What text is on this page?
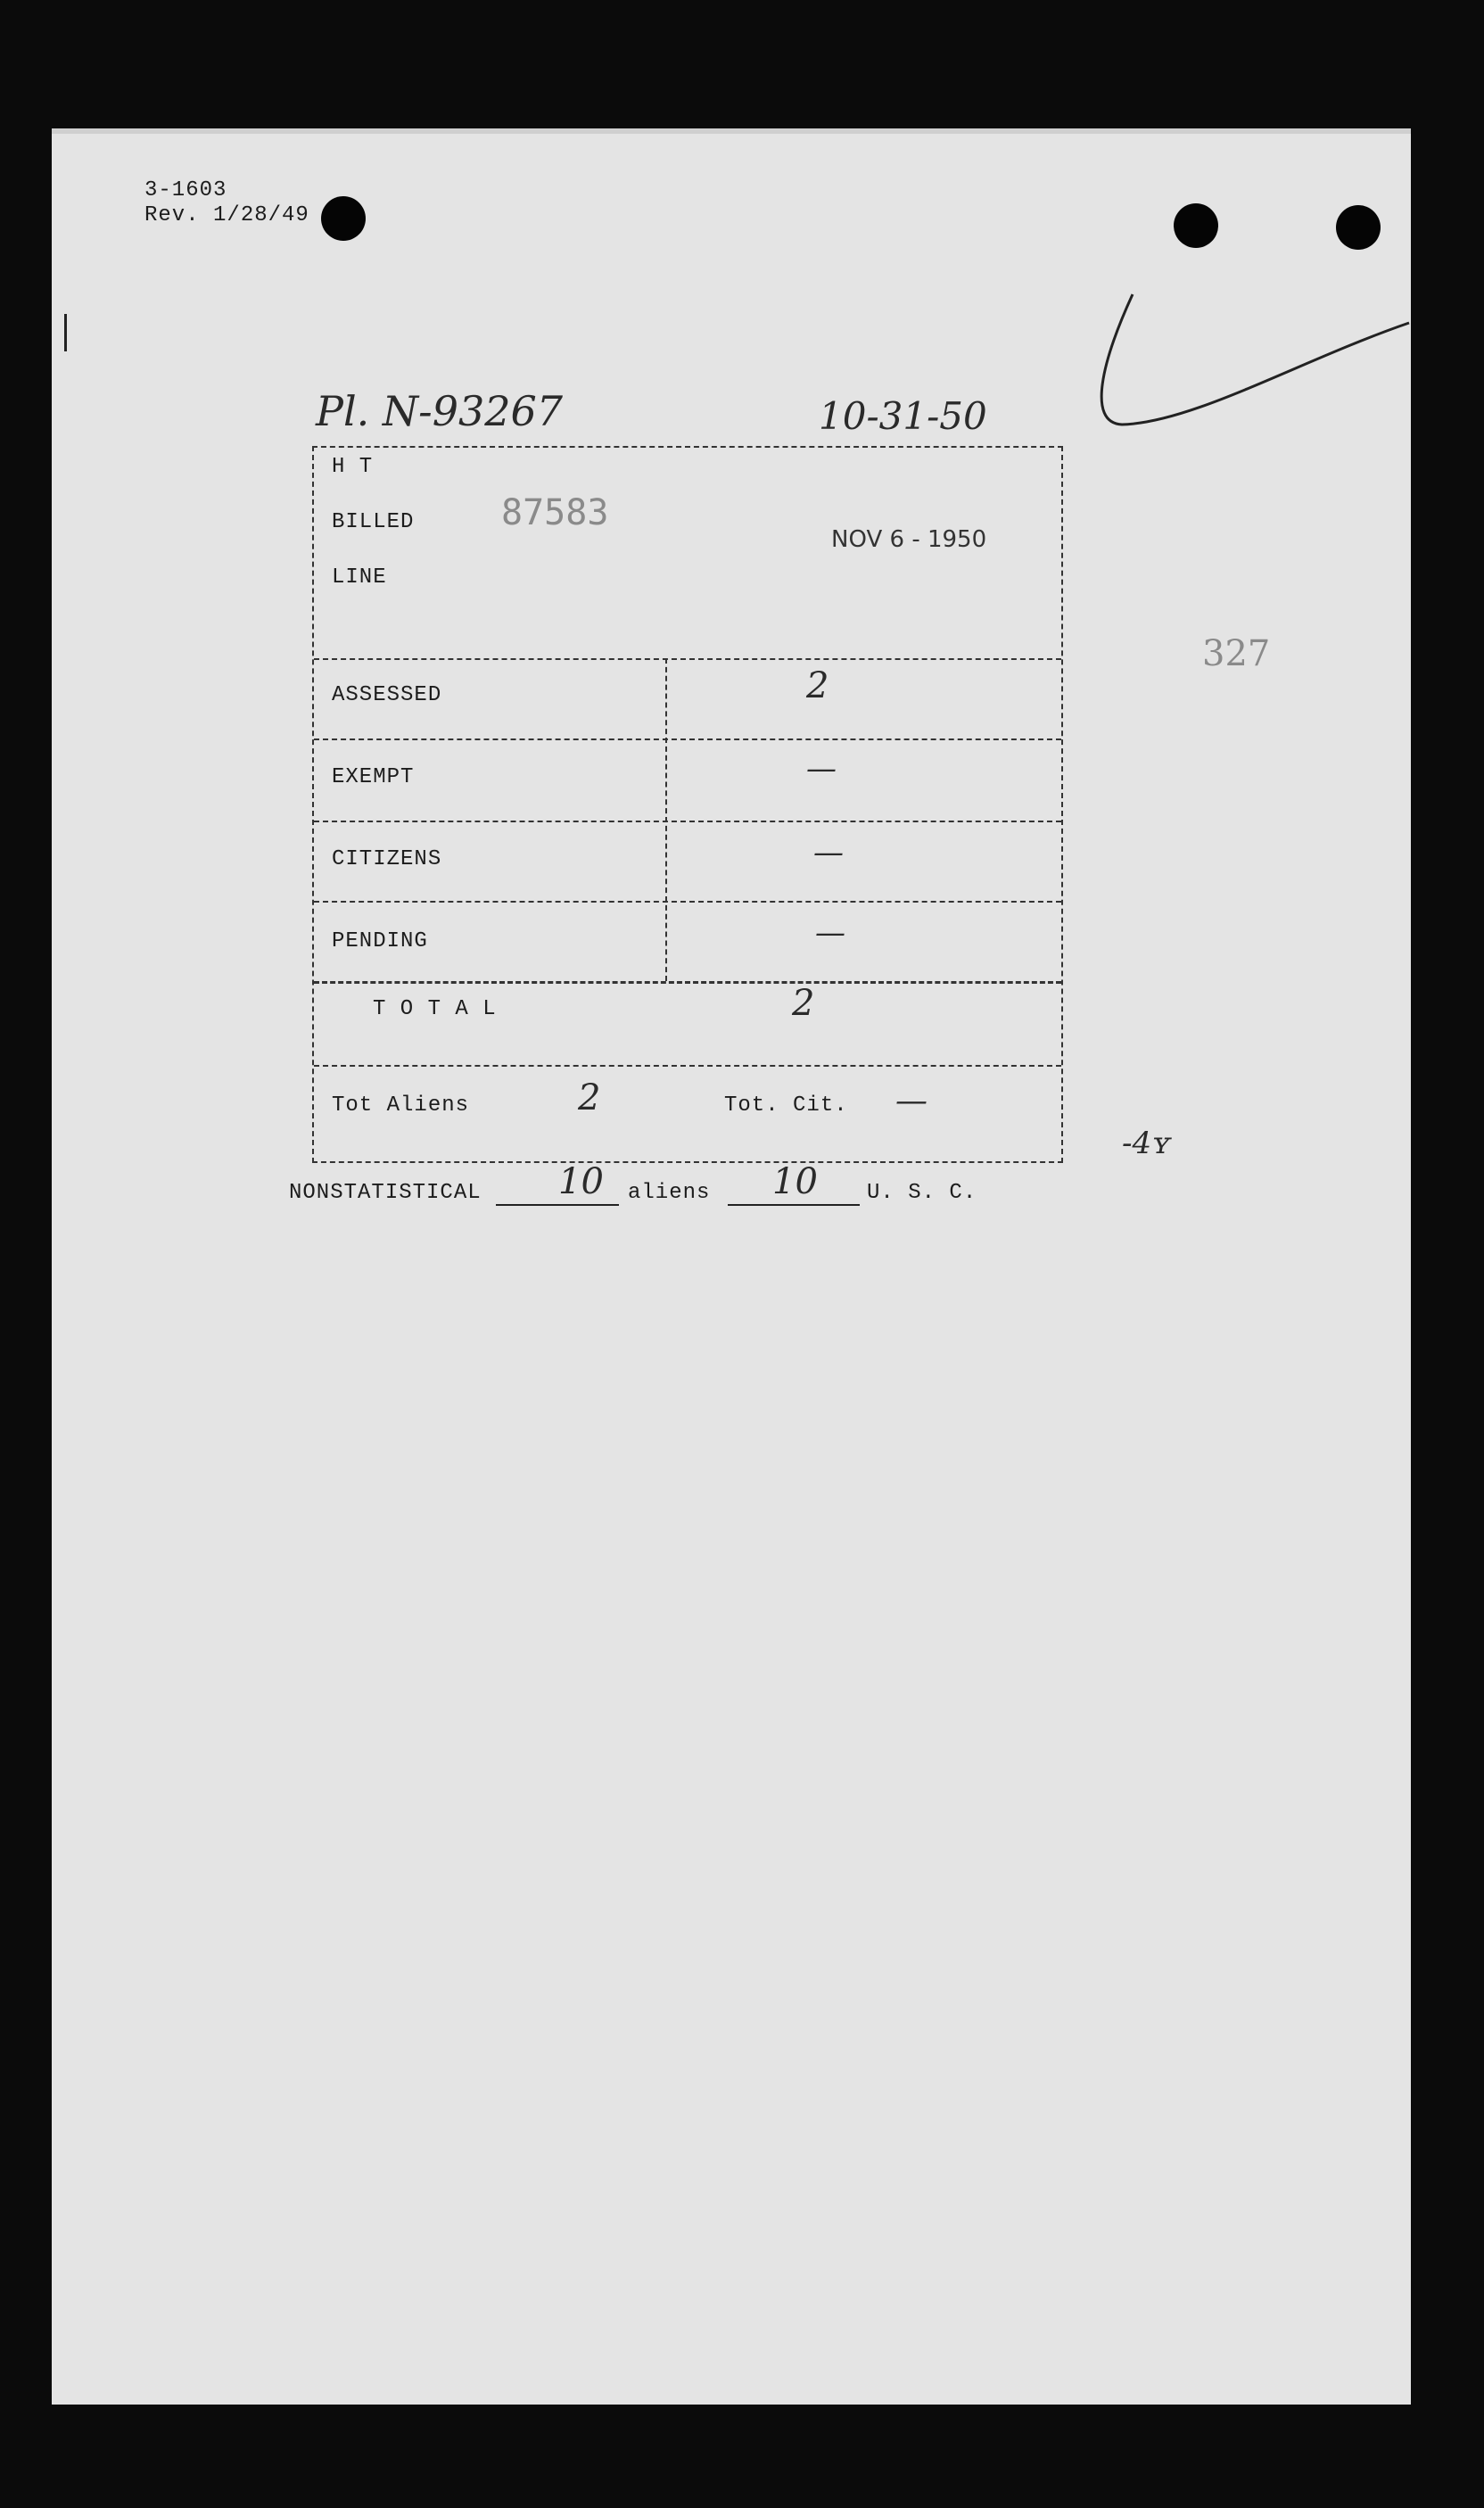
3-1603
Rev. 1/28/49
Pl. N-93267	10-31-50
H T
BILLED
LINE
87583
NOV 6 - 1950
ASSESSED	2
EXEMPT	—
CITIZENS	—
PENDING	—
T O T A L	2
Tot Aliens	2	Tot. Cit. —
327
-4ʏ
NONSTATISTICAL 10 aliens 10 U. S. C.
